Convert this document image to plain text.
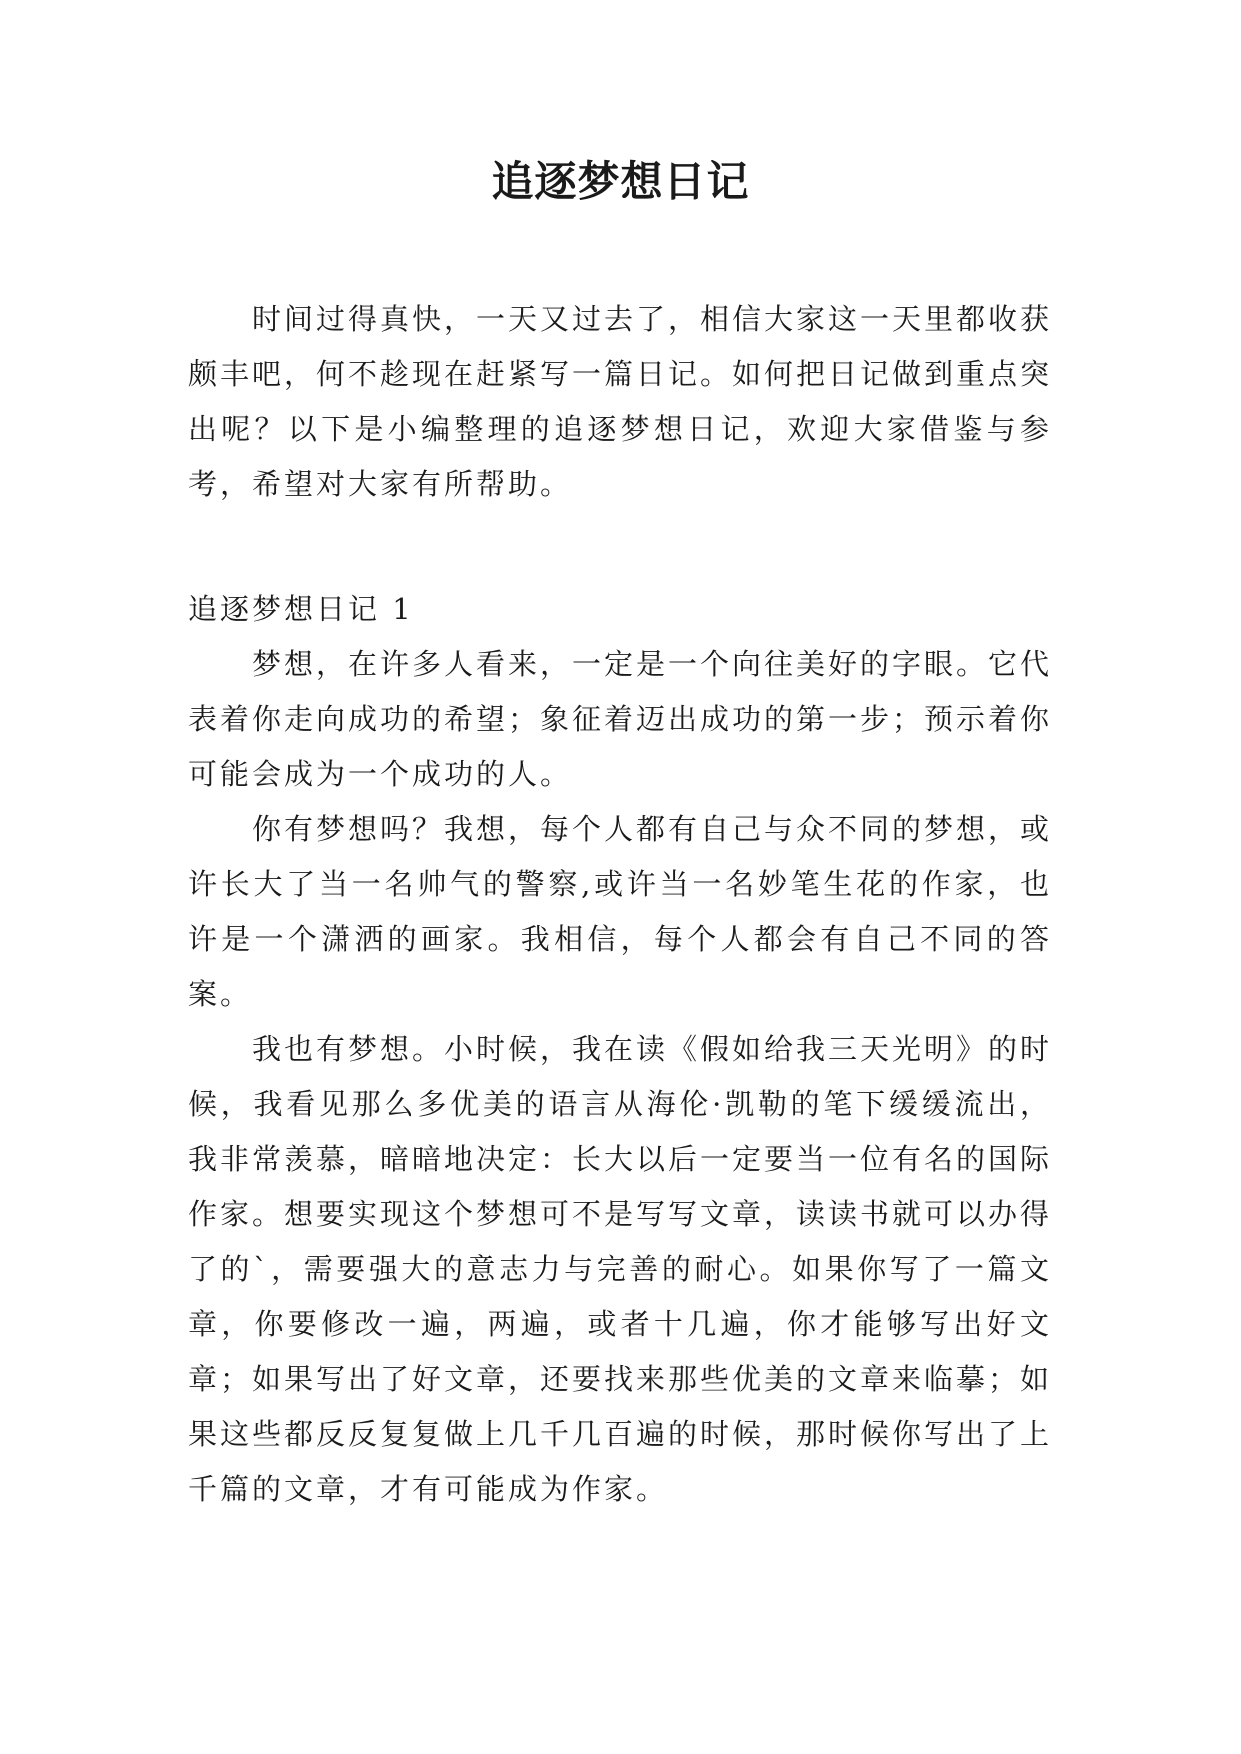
追逐梦想日记

时间过得真快，一天又过去了，相信大家这一天里都收获颇丰吧，何不趁现在赶紧写一篇日记。如何把日记做到重点突出呢？以下是小编整理的追逐梦想日记，欢迎大家借鉴与参考，希望对大家有所帮助。

追逐梦想日记 1

梦想，在许多人看来，一定是一个向往美好的字眼。它代表着你走向成功的希望；象征着迈出成功的第一步；预示着你可能会成为一个成功的人。

你有梦想吗？我想，每个人都有自己与众不同的梦想，或许长大了当一名帅气的警察,或许当一名妙笔生花的作家，也许是一个潇洒的画家。我相信，每个人都会有自己不同的答案。

我也有梦想。小时候，我在读《假如给我三天光明》的时候，我看见那么多优美的语言从海伦·凯勒的笔下缓缓流出，我非常羡慕，暗暗地决定：长大以后一定要当一位有名的国际作家。想要实现这个梦想可不是写写文章，读读书就可以办得了的`，需要强大的意志力与完善的耐心。如果你写了一篇文章，你要修改一遍，两遍，或者十几遍，你才能够写出好文章；如果写出了好文章，还要找来那些优美的文章来临摹；如果这些都反反复复做上几千几百遍的时候，那时候你写出了上千篇的文章，才有可能成为作家。
